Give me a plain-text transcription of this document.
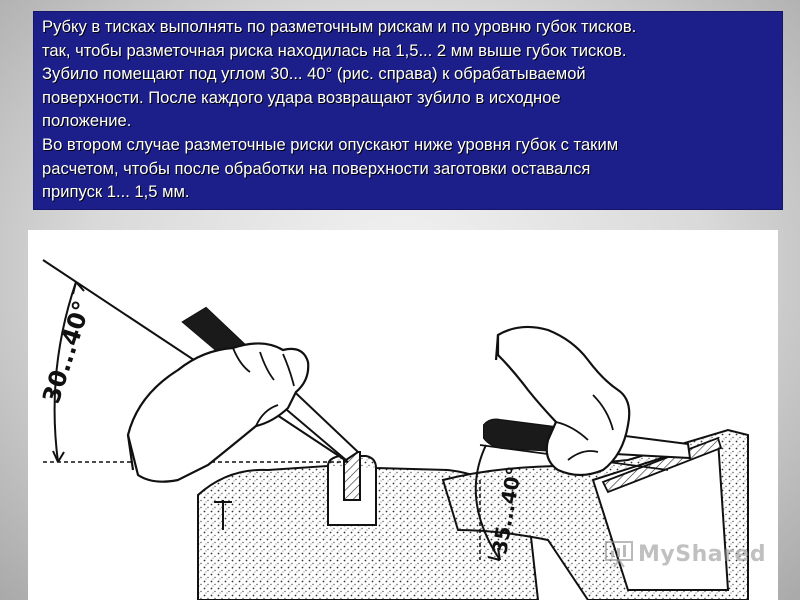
Рубку в тисках выполнять по разметочным рискам и по уровню губок тисков.

так, чтобы разметочная риска находилась на 1,5... 2 мм выше губок тисков.

Зубило помещают под углом 30... 40° (рис. справа) к обрабатываемой

поверхности. После каждого удара возвращают зубило в исходное

положение.

Во втором случае разметочные риски опускают ниже уровня губок с таким

расчетом, чтобы после обработки на поверхности заготовки оставался

припуск 1... 1,5 мм.

30...40°
35...40°	MyShared
